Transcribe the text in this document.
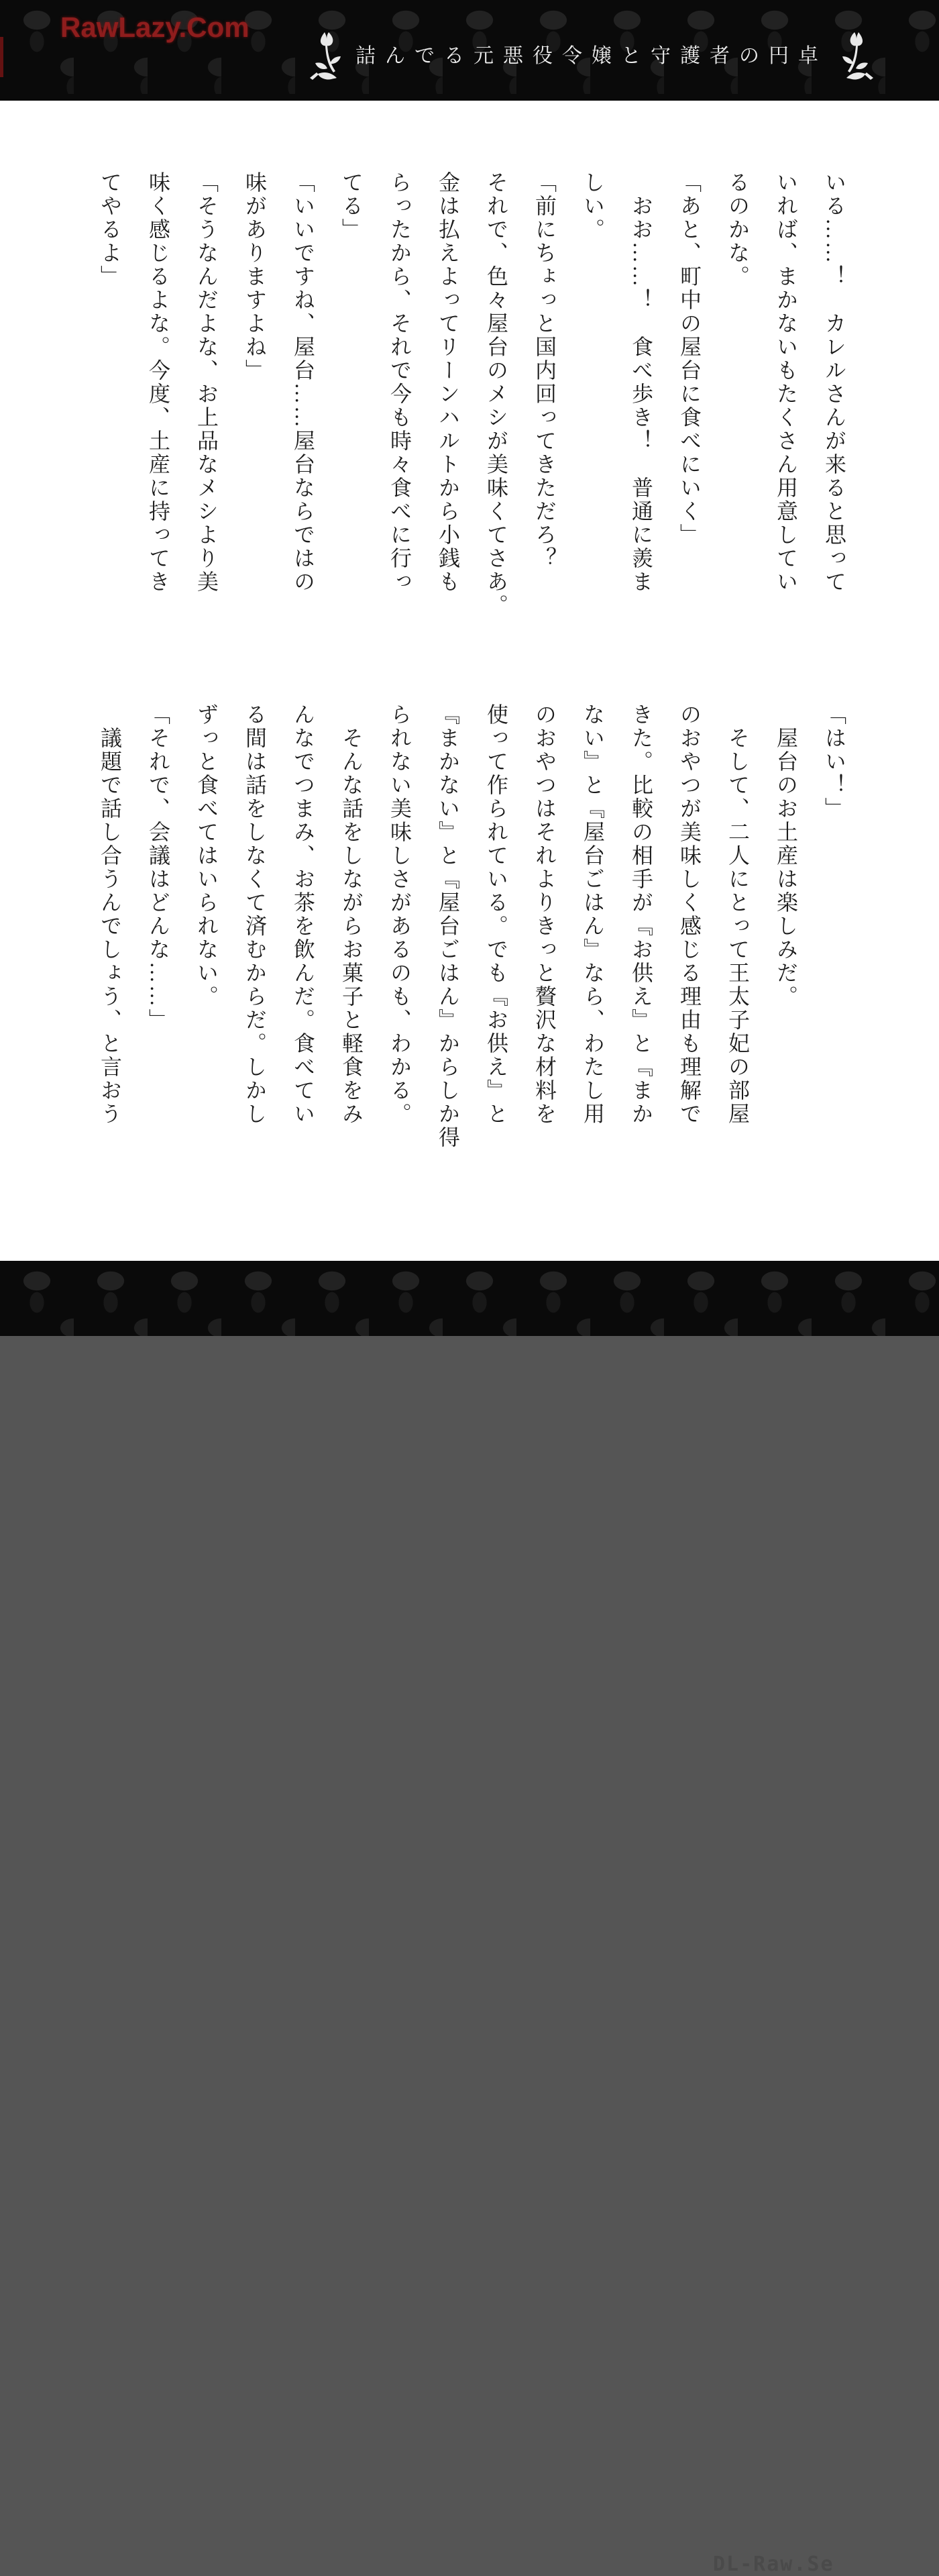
RawLazy.Com
詰んでる元悪役令嬢と守護者の円卓
いる……！　カレルさんが来ると思って
いれば、まかないもたくさん用意してい
るのかな。
「あと、町中の屋台に食べにいく」
おお……！　食べ歩き！　普通に羨ま
しい。
「前にちょっと国内回ってきただろ？
それで、色々屋台のメシが美味くてさあ。
金は払えよってリーンハルトから小銭も
らったから、それで今も時々食べに行っ
てる」
「いいですね、屋台……屋台ならではの
味がありますよね」
「そうなんだよな、お上品なメシより美
味く感じるよな。今度、土産に持ってき
てやるよ」
「はい！」
屋台のお土産は楽しみだ。
そして、二人にとって王太子妃の部屋
のおやつが美味しく感じる理由も理解で
きた。比較の相手が『お供え』と『まか
ない』と『屋台ごはん』なら、わたし用
のおやつはそれよりきっと贅沢な材料を
使って作られている。でも『お供え』と
『まかない』と『屋台ごはん』からしか得
られない美味しさがあるのも、わかる。
そんな話をしながらお菓子と軽食をみ
んなでつまみ、お茶を飲んだ。食べてい
る間は話をしなくて済むからだ。しかし
ずっと食べてはいられない。
「それで、会議はどんな……」
議題で話し合うんでしょう、と言おう
DL-Raw.Se
